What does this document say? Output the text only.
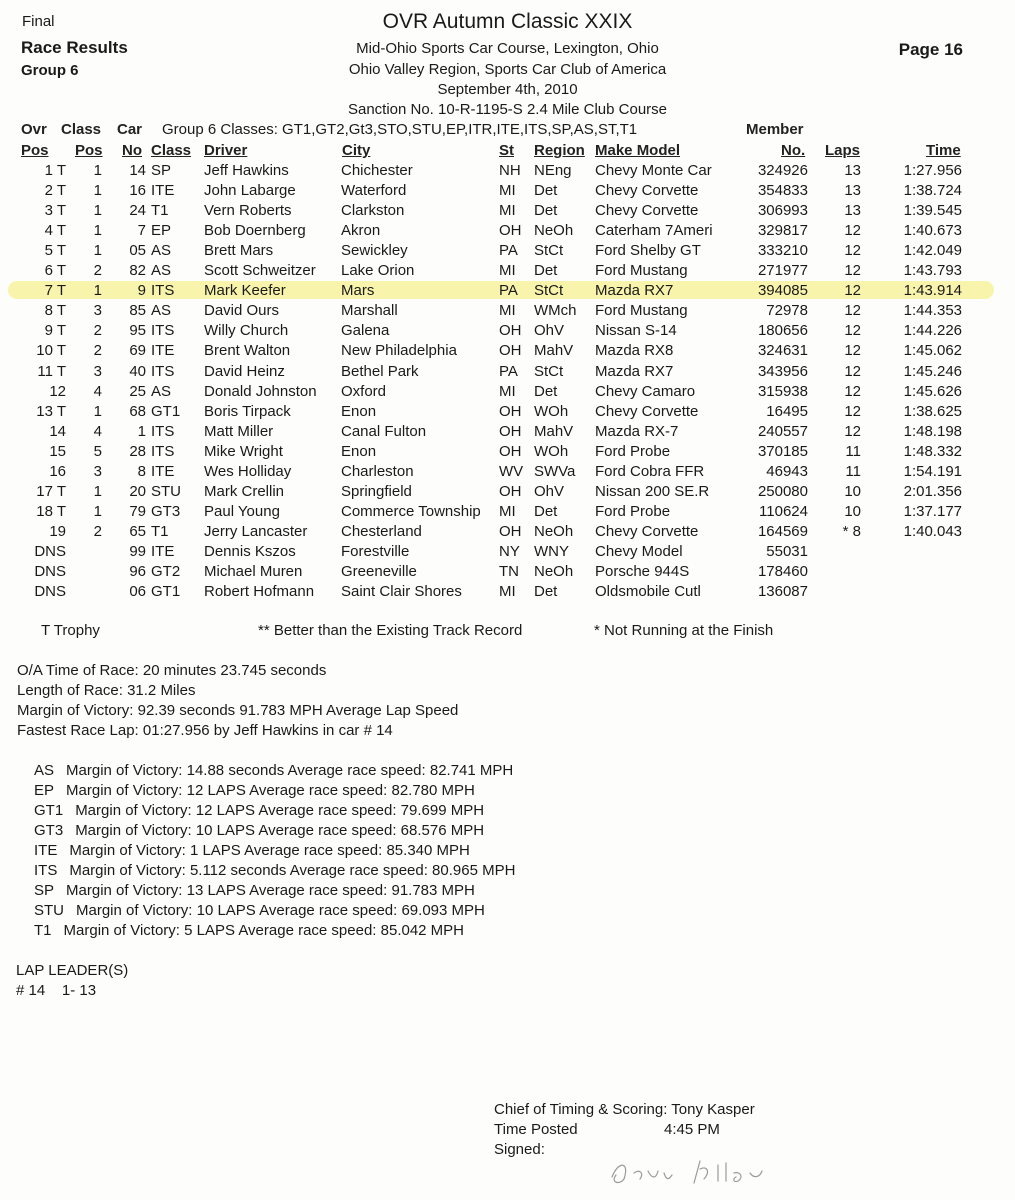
Final
Race Results
Group 6
OVR Autumn Classic XXIX
Mid-Ohio Sports Car Course, Lexington, Ohio
Ohio Valley Region, Sports Car Club of America
September 4th, 2010
Sanction No. 10-R-1195-S 2.4 Mile Club Course
Page 16
Ovr Class Car Group 6 Classes: GT1,GT2,Gt3,STO,STU,EP,ITR,ITE,ITS,SP,AS,ST,T1	Member
Pos Pos No Class Driver	City	St Region Make Model	No. Laps	Time
1 T	1	14 SP	Jeff Hawkins	Chichester	NH NEng	Chevy Monte Car	324926	13	1:27.956
2 T	1	16 ITE	John Labarge	Waterford	MI	Det	Chevy Corvette	354833	13	1:38.724
3 T	1	24 T1	Vern Roberts	Clarkston	MI	Det	Chevy Corvette	306993	13	1:39.545
4 T	1	7 EP	Bob Doernberg	Akron	OH NeOh	Caterham 7Ameri	329817	12	1:40.673
5 T	1	05 AS	Brett Mars	Sewickley	PA	StCt	Ford Shelby GT	333210	12	1:42.049
6 T	2	82 AS	Scott Schweitzer	Lake Orion	MI	Det	Ford Mustang	271977	12	1:43.793
7 T	1	9 ITS	Mark Keefer	Mars	PA	StCt	Mazda RX7	394085	12	1:43.914
8 T	3	85 AS	David Ours	Marshall	MI	WMch	Ford Mustang	72978	12	1:44.353
9 T	2	95 ITS	Willy Church	Galena	OH OhV	Nissan S-14	180656	12	1:44.226
10 T	2	69 ITE	Brent Walton	New Philadelphia	OH MahV	Mazda RX8	324631	12	1:45.062
11 T	3	40 ITS	David Heinz	Bethel Park	PA	StCt	Mazda RX7	343956	12	1:45.246
12	4	25 AS	Donald Johnston	Oxford	MI	Det	Chevy Camaro	315938	12	1:45.626
13 T	1	68 GT1	Boris Tirpack	Enon	OH WOh	Chevy Corvette	16495	12	1:38.625
14	4	1 ITS	Matt Miller	Canal Fulton	OH MahV	Mazda RX-7	240557	12	1:48.198
15	5	28 ITS	Mike Wright	Enon	OH WOh	Ford Probe	370185	11	1:48.332
16	3	8 ITE	Wes Holliday	Charleston	WV SWVa	Ford Cobra FFR	46943	11	1:54.191
17 T	1	20 STU	Mark Crellin	Springfield	OH OhV	Nissan 200 SE.R	250080	10	2:01.356
18 T	1	79 GT3	Paul Young	Commerce Township	MI	Det	Ford Probe	110624	10	1:37.177
19	2	65 T1	Jerry Lancaster	Chesterland	OH NeOh	Chevy Corvette	164569	* 8	1:40.043
DNS	99 ITE	Dennis Kszos	Forestville	NY WNY	Chevy Model	55031
DNS	96 GT2	Michael Muren	Greeneville	TN	NeOh	Porsche 944S	178460
DNS	06 GT1	Robert Hofmann	Saint Clair Shores	MI	Det	Oldsmobile Cutl	136087
T Trophy	** Better than the Existing Track Record	* Not Running at the Finish
O/A Time of Race: 20 minutes 23.745 seconds
Length of Race: 31.2 Miles
Margin of Victory: 92.39 seconds 91.783 MPH Average Lap Speed
Fastest Race Lap: 01:27.956 by Jeff Hawkins in car # 14
AS Margin of Victory: 14.88 seconds Average race speed: 82.741 MPH
EP Margin of Victory: 12 LAPS Average race speed: 82.780 MPH
GT1 Margin of Victory: 12 LAPS Average race speed: 79.699 MPH
GT3 Margin of Victory: 10 LAPS Average race speed: 68.576 MPH
ITE Margin of Victory: 1 LAPS Average race speed: 85.340 MPH
ITS Margin of Victory: 5.112 seconds Average race speed: 80.965 MPH
SP Margin of Victory: 13 LAPS Average race speed: 91.783 MPH
STU Margin of Victory: 10 LAPS Average race speed: 69.093 MPH
T1 Margin of Victory: 5 LAPS Average race speed: 85.042 MPH
LAP LEADER(S)
# 14    1- 13
Chief of Timing & Scoring: Tony Kasper
Time Posted	4:45 PM
Signed:
